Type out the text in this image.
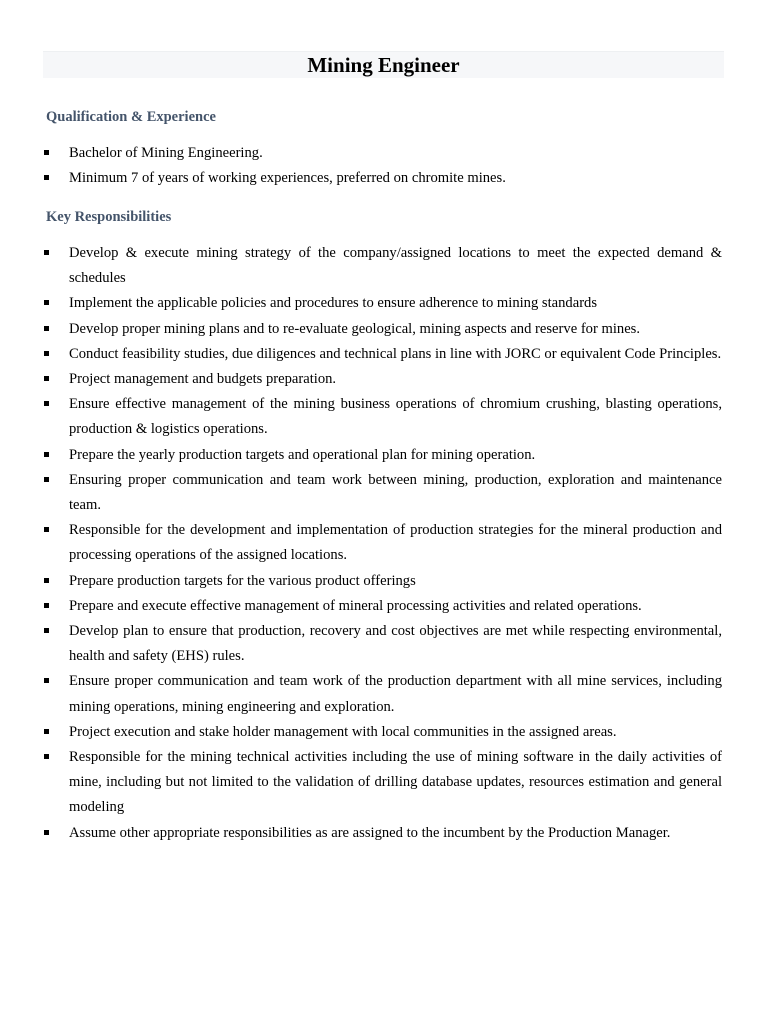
Mining Engineer
Qualification & Experience
Bachelor of Mining Engineering.
Minimum 7 of years of working experiences, preferred on chromite mines.
Key Responsibilities
Develop & execute mining strategy of the company/assigned locations to meet the expected demand & schedules
Implement the applicable policies and procedures to ensure adherence to mining standards
Develop proper mining plans and to re-evaluate geological, mining aspects and reserve for mines.
Conduct feasibility studies, due diligences and technical plans in line with JORC or equivalent Code Principles.
Project management and budgets preparation.
Ensure effective management of the mining business operations of chromium crushing, blasting operations, production & logistics operations.
Prepare the yearly production targets and operational plan for mining operation.
Ensuring proper communication and team work between mining, production, exploration and maintenance team.
Responsible for the development and implementation of production strategies for the mineral production and processing operations of the assigned locations.
Prepare production targets for the various product offerings
Prepare and execute effective management of mineral processing activities and related operations.
Develop plan to ensure that production, recovery and cost objectives are met while respecting environmental, health and safety (EHS) rules.
Ensure proper communication and team work of the production department with all mine services, including mining operations, mining engineering and exploration.
Project execution and stake holder management with local communities in the assigned areas.
Responsible for the mining technical activities including the use of mining software in the daily activities of mine, including but not limited to the validation of drilling database updates, resources estimation and general modeling
Assume other appropriate responsibilities as are assigned to the incumbent by the Production Manager.
